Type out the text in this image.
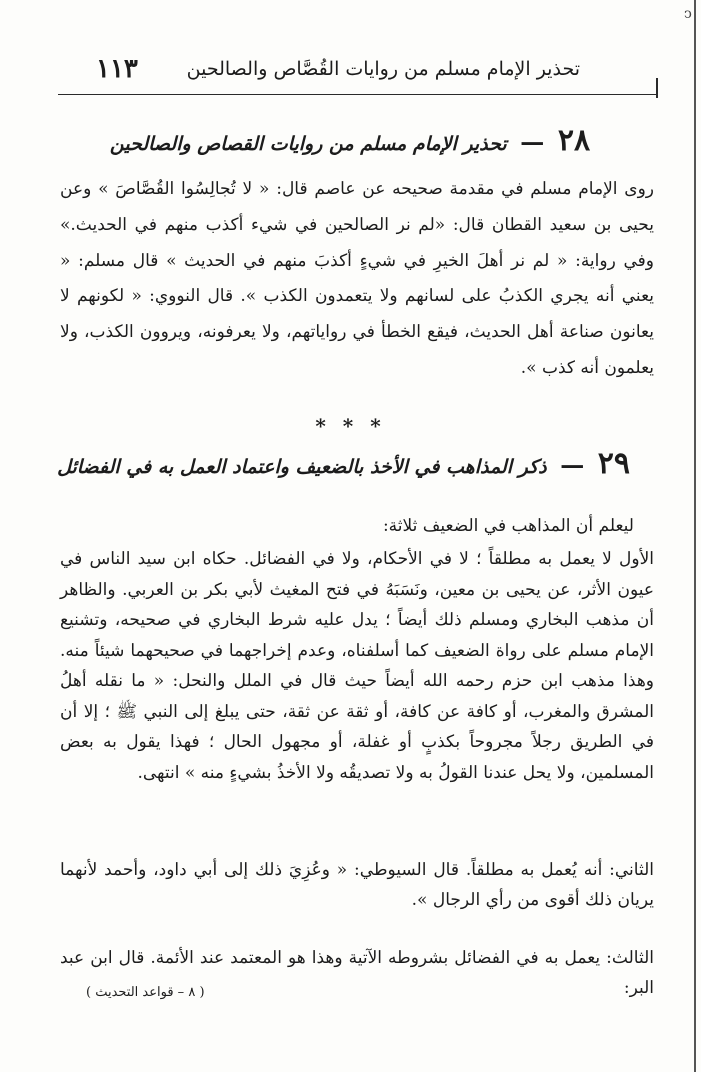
ↄ
١١٣	تحذير الإمام مسلم من روايات القُصَّاص والصالحين
٢٨ — تحذير الإمام مسلم من روايات القصاص والصالحين
روى الإمام مسلم في مقدمة صحيحه عن عاصم قال: « لا تُجالِسُوا القُصَّاصَ » وعن يحيى بن سعيد القطان قال: «لم نر الصالحين في شيء أكذب منهم في الحديث.» وفي رواية: « لم نر أهلَ الخيرِ في شيءٍ أكذبَ منهم في الحديث » قال مسلم: « يعني أنه يجري الكذبُ على لسانهم ولا يتعمدون الكذب ». قال النووي: « لكونهم لا يعانون صناعة أهل الحديث، فيقع الخطأ في رواياتهم، ولا يعرفونه، ويروون الكذب، ولا يعلمون أنه كذب ».
* * *
٢٩ — ذكر المذاهب في الأخذ بالضعيف واعتماد العمل به في الفضائل
ليعلم أن المذاهب في الضعيف ثلاثة:
الأول لا يعمل به مطلقاً ؛ لا في الأحكام، ولا في الفضائل. حكاه ابن سيد الناس في عيون الأثر، عن يحيى بن معين، ونَسَبَهُ في فتح المغيث لأبي بكر بن العربي. والظاهر أن مذهب البخاري ومسلم ذلك أيضاً ؛ يدل عليه شرط البخاري في صحيحه، وتشنيع الإمام مسلم على رواة الضعيف كما أسلفناه، وعدم إخراجهما في صحيحهما شيئاً منه. وهذا مذهب ابن حزم رحمه الله أيضاً حيث قال في الملل والنحل: « ما نقله أهلُ المشرق والمغرب، أو كافة عن كافة، أو ثقة عن ثقة، حتى يبلغ إلى النبي ﷺ ؛ إلا أن في الطريق رجلاً مجروحاً بكذبٍ أو غفلة، أو مجهول الحال ؛ فهذا يقول به بعض المسلمين، ولا يحل عندنا القولُ به ولا تصديقُه ولا الأخذُ بشيءٍ منه » انتهى.
الثاني: أنه يُعمل به مطلقاً. قال السيوطي: « وعُزِيَ ذلك إلى أبي داود، وأحمد لأنهما يريان ذلك أقوى من رأي الرجال ».
الثالث: يعمل به في الفضائل بشروطه الآتية وهذا هو المعتمد عند الأئمة. قال ابن عبد البر:
( ٨ – قواعد التحديث )
